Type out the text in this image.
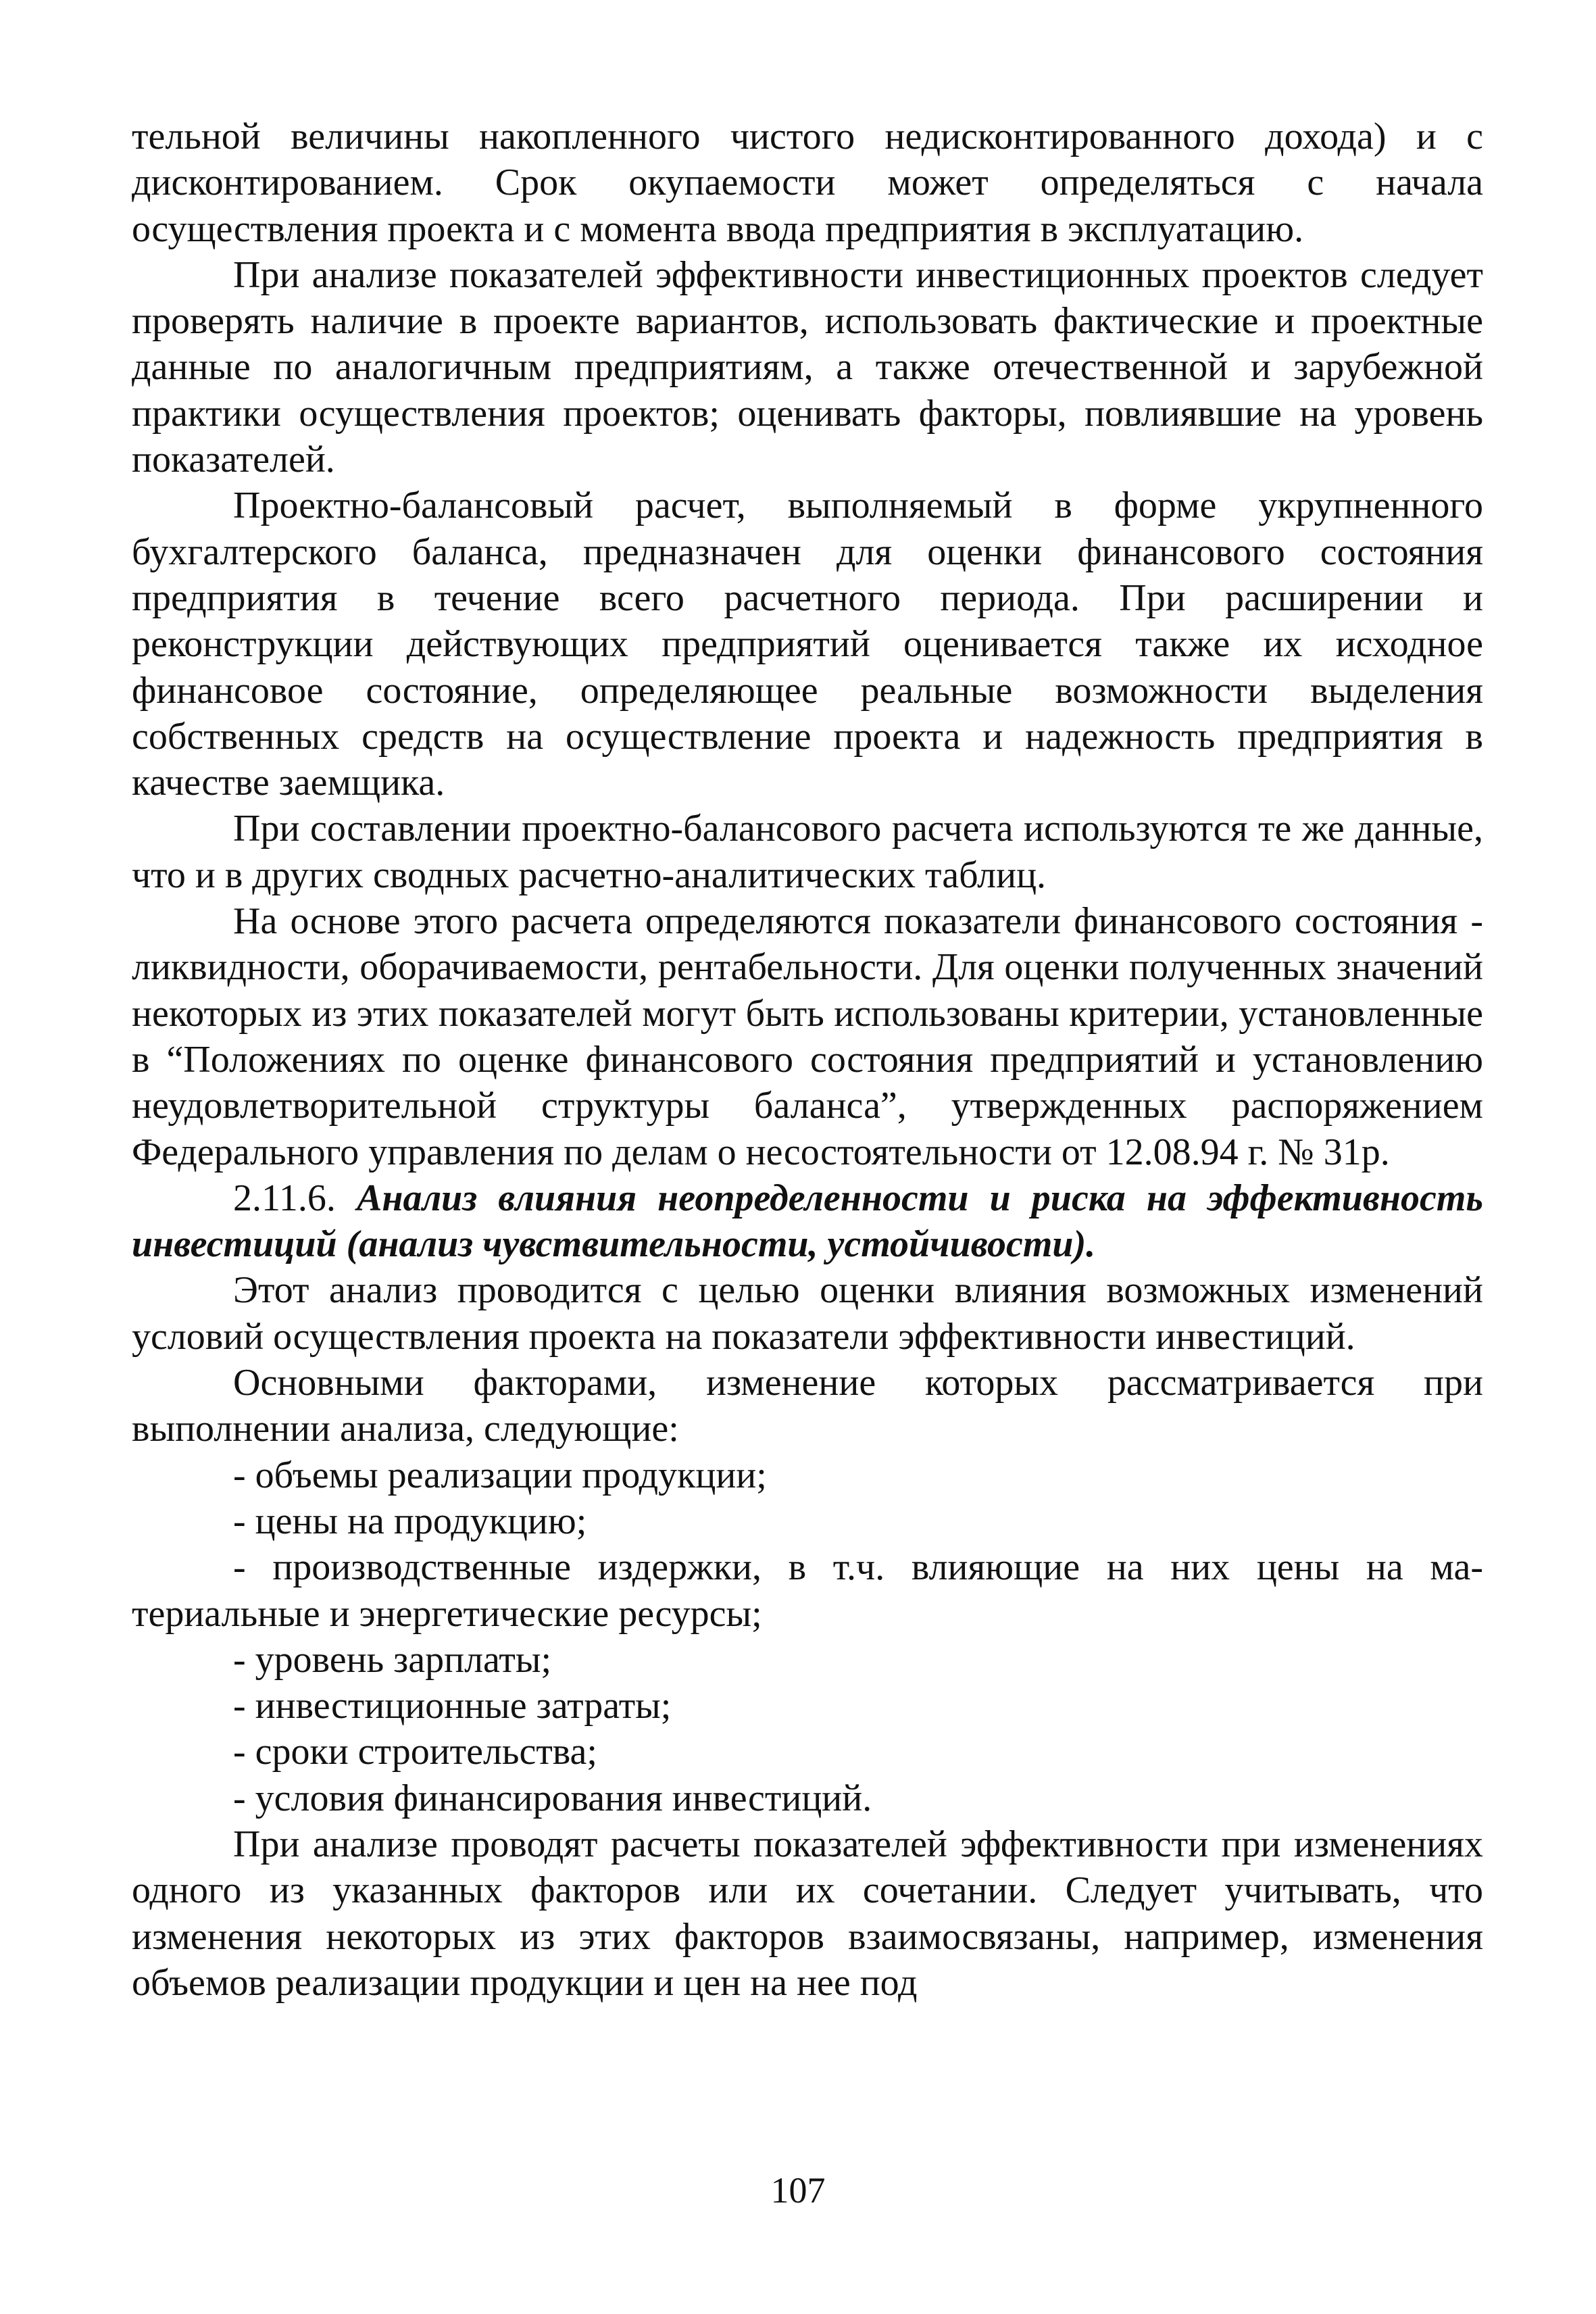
тельной величины накопленного чистого недисконтированного дохода) и с дисконтированием. Срок окупаемости может определяться с начала осуществления проекта и с момента ввода предприятия в эксплуатацию.

При анализе показателей эффективности инвестиционных проектов следует проверять наличие в проекте вариантов, использовать фактические и проектные данные по аналогичным предприятиям, а также отечественной и зарубежной практики осуществления проектов; оценивать факторы, повлиявшие на уровень показателей.

Проектно-балансовый расчет, выполняемый в форме укрупненного бухгалтерского баланса, предназначен для оценки финансового состояния предприятия в течение всего расчетного периода. При расширении и реконструкции действующих предприятий оценивается также их исходное финансовое состояние, определяющее реальные возможности выделения собственных средств на осуществление проекта и надежность предприятия в качестве заемщика.

При составлении проектно-балансового расчета используются те же данные, что и в других сводных расчетно-аналитических таблиц.

На основе этого расчета определяются показатели финансового состояния - ликвидности, оборачиваемости, рентабельности. Для оценки полученных значений некоторых из этих показателей могут быть использованы критерии, установленные в “Положениях по оценке финансового состояния предприятий и установлению неудовлетворительной структуры баланса”, утвержденных распоряжением Федерального управления по делам о несостоятельности от 12.08.94 г. № 31р.

2.11.6. Анализ влияния неопределенности и риска на эффективность инвестиций (анализ чувствительности, устойчивости).

Этот анализ проводится с целью оценки влияния возможных изменений условий осуществления проекта на показатели эффективности инвестиций.

Основными факторами, изменение которых рассматривается при выполнении анализа, следующие:

- объемы реализации продукции;

- цены на продукцию;

- производственные издержки, в т.ч. влияющие на них цены на материальные и энергетические ресурсы;

- уровень зарплаты;

- инвестиционные затраты;

- сроки строительства;

- условия финансирования инвестиций.

При анализе проводят расчеты показателей эффективности при изменениях одного из указанных факторов или их сочетании. Следует учитывать, что изменения некоторых из этих факторов взаимосвязаны, например, изменения объемов реализации продукции и цен на нее под

107
